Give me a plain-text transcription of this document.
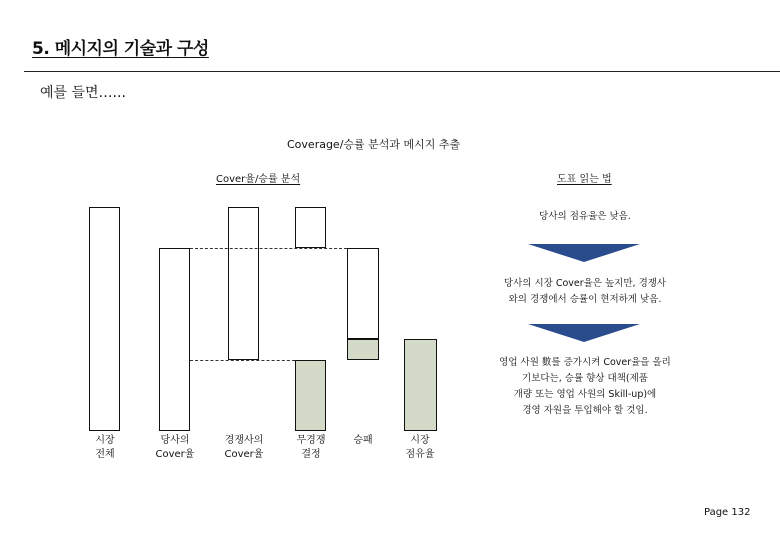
5. 메시지의 기술과 구성
예를 들면…...
Coverage/승률 분석과 메시지 추출
Cover율/승률 분석	도표 읽는 법
시장
전체
당사의
Cover율
경쟁사의
Cover율
무경쟁
결정
승패	시장
점유율
당사의 점유율은 낮음.
당사의 시장 Cover율은 높지만, 경쟁사
와의 경쟁에서 승률이 현저하게 낮음.
영업 사원 數를 증가시켜 Cover율을 올리
기보다는, 승률 향상 대책(제품
개량 또는 영업 사원의 Skill-up)에
경영 자원을 투입해야 할 것임.
Page 132
